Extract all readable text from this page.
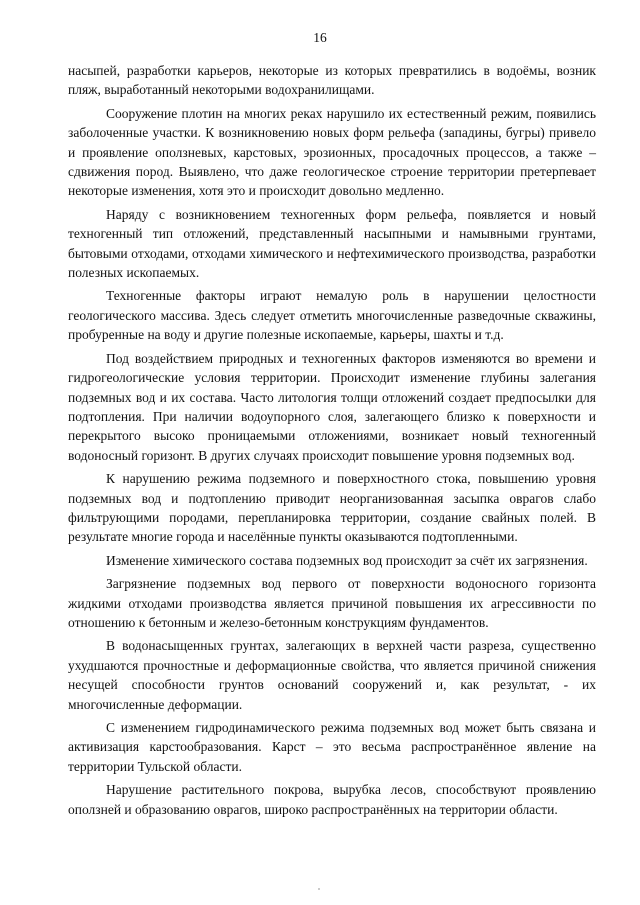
16

насыпей, разработки карьеров, некоторые из которых превратились в водоёмы, возник пляж, выработанный некоторыми водохранилищами.

Сооружение плотин на многих реках нарушило их естественный режим, появились заболоченные участки. К возникновению новых форм рельефа (западины, бугры) привело и проявление оползневых, карстовых, эрозионных, просадочных процессов, а также – сдвижения пород. Выявлено, что даже геологическое строение территории претерпевает некоторые изменения, хотя это и происходит довольно медленно.

Наряду с возникновением техногенных форм рельефа, появляется и новый техногенный тип отложений, представленный насыпными и намывными грунтами, бытовыми отходами, отходами химического и нефтехимического производства, разработки полезных ископаемых.

Техногенные факторы играют немалую роль в нарушении целостности геологического массива. Здесь следует отметить многочисленные разведочные скважины, пробуренные на воду и другие полезные ископаемые, карьеры, шахты и т.д.

Под воздействием природных и техногенных факторов изменяются во времени и гидрогеологические условия территории. Происходит изменение глубины залегания подземных вод и их состава. Часто литология толщи отложений создает предпосылки для подтопления. При наличии водоупорного слоя, залегающего близко к поверхности и перекрытого высоко проницаемыми отложениями, возникает новый техногенный водоносный горизонт. В других случаях происходит повышение уровня подземных вод.

К нарушению режима подземного и поверхностного стока, повышению уровня подземных вод и подтоплению приводит неорганизованная засыпка оврагов слабо фильтрующими породами, перепланировка территории, создание свайных полей. В результате многие города и населённые пункты оказываются подтопленными.

Изменение химического состава подземных вод происходит за счёт их загрязнения.

Загрязнение подземных вод первого от поверхности водоносного горизонта жидкими отходами производства является причиной повышения их агрессивности по отношению к бетонным и железо-бетонным конструкциям фундаментов.

В водонасыщенных грунтах, залегающих в верхней части разреза, существенно ухудшаются прочностные и деформационные свойства, что является причиной снижения несущей способности грунтов оснований сооружений и, как результат, - их многочисленные деформации.

С изменением гидродинамического режима подземных вод может быть связана и активизация карстообразования. Карст – это весьма распространённое явление на территории Тульской области.

Нарушение растительного покрова, вырубка лесов, способствуют проявлению оползней и образованию оврагов, широко распространённых на территории области.
